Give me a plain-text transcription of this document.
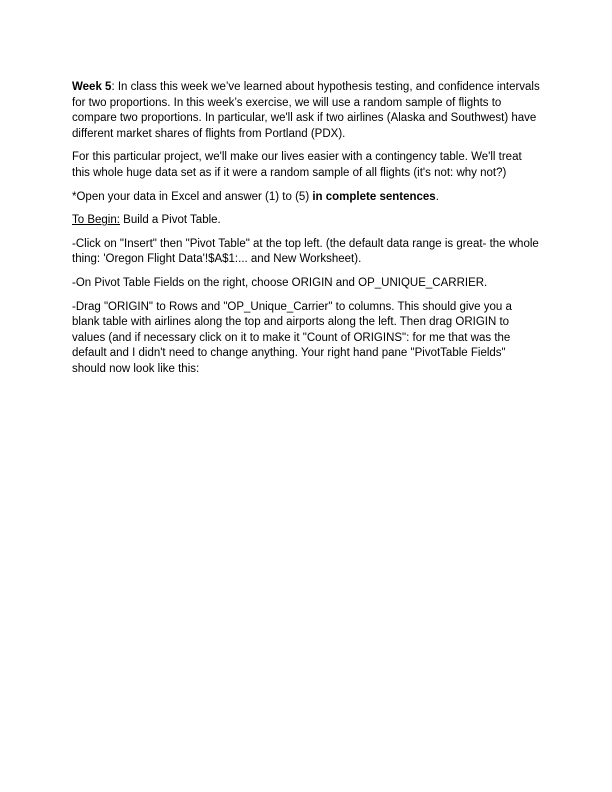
Week 5: In class this week we’ve learned about hypothesis testing, and confidence intervals for two proportions. In this week’s exercise, we will use a random sample of flights to compare two proportions. In particular, we'll ask if two airlines (Alaska and Southwest) have different market shares of flights from Portland (PDX).

For this particular project, we'll make our lives easier with a contingency table. We'll treat this whole huge data set as if it were a random sample of all flights (it's not: why not?)

*Open your data in Excel and answer (1) to (5) in complete sentences.

To Begin: Build a Pivot Table.

-Click on "Insert" then "Pivot Table" at the top left. (the default data range is great- the whole thing: 'Oregon Flight Data'!$A$1:... and New Worksheet).

-On Pivot Table Fields on the right, choose ORIGIN and OP_UNIQUE_CARRIER.

-Drag "ORIGIN" to Rows and "OP_Unique_Carrier" to columns. This should give you a blank table with airlines along the top and airports along the left. Then drag ORIGIN to values (and if necessary click on it to make it "Count of ORIGINS": for me that was the default and I didn't need to change anything. Your right hand pane "PivotTable Fields" should now look like this:
